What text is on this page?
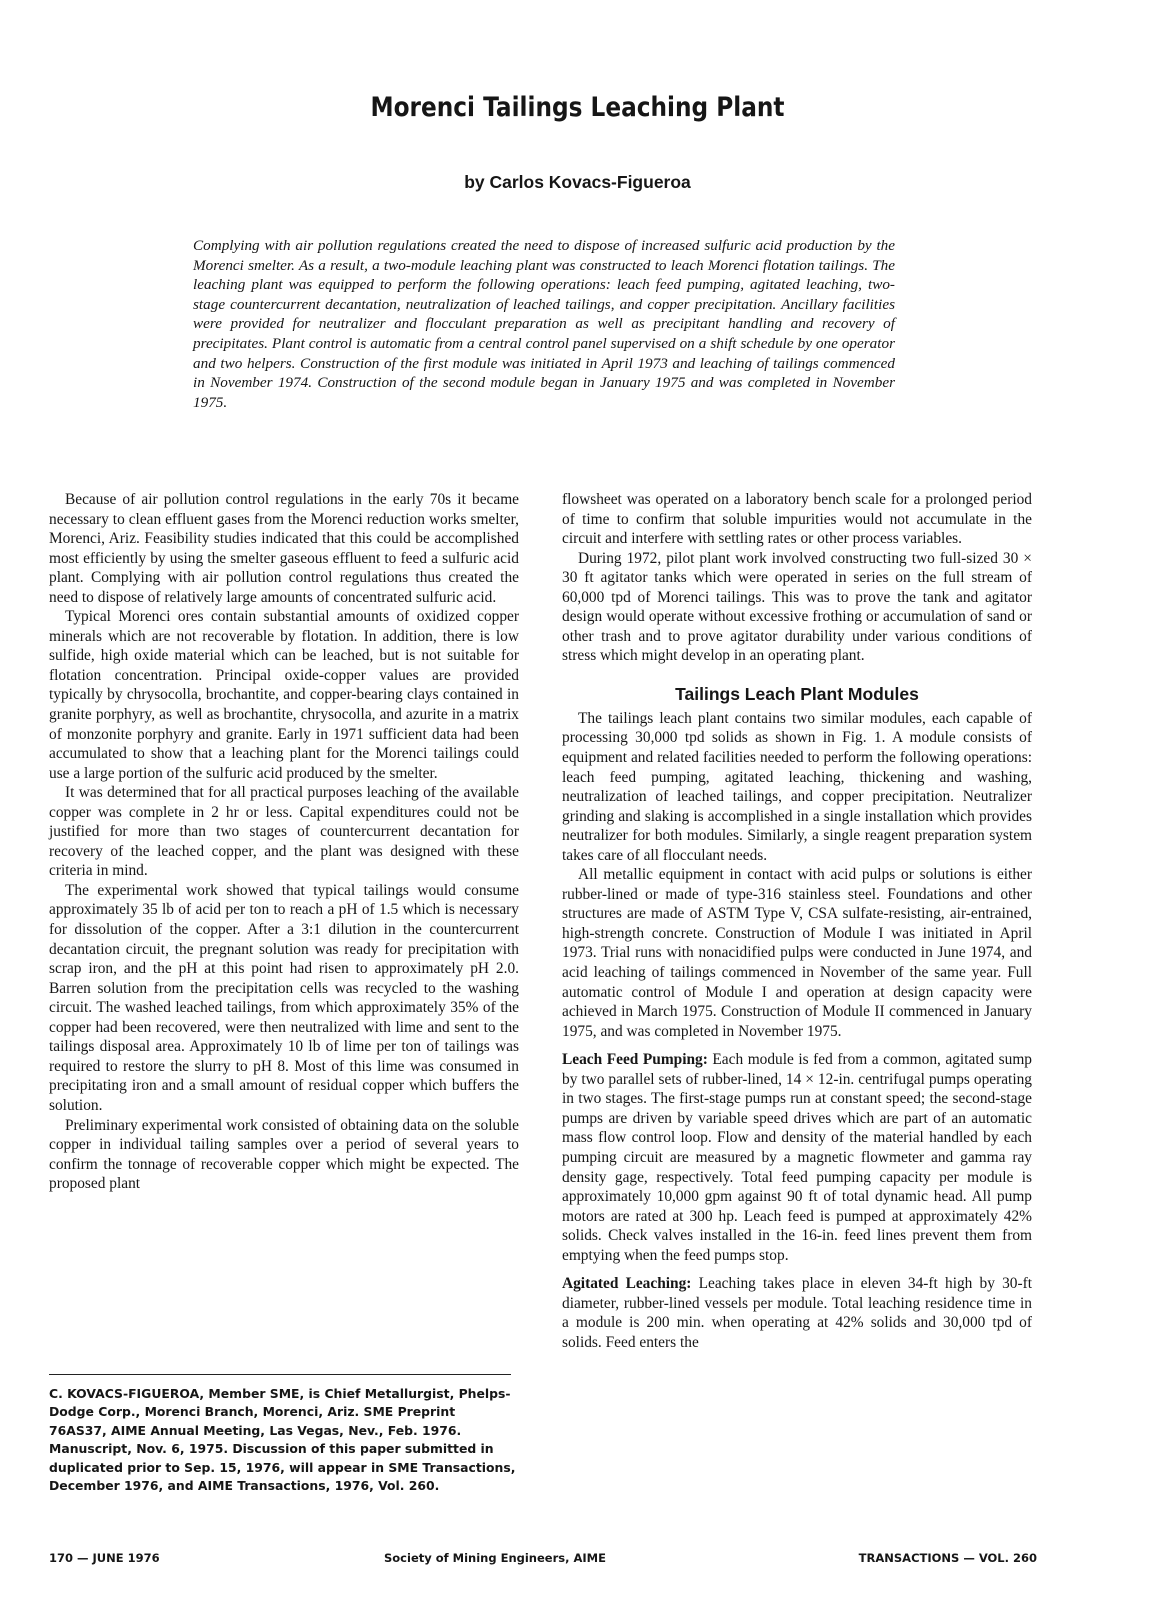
Morenci Tailings Leaching Plant
by Carlos Kovacs-Figueroa
Complying with air pollution regulations created the need to dispose of increased sulfuric acid production by the Morenci smelter. As a result, a two-module leaching plant was constructed to leach Morenci flotation tailings. The leaching plant was equipped to perform the following operations: leach feed pumping, agitated leaching, two-stage countercurrent decantation, neutralization of leached tailings, and copper precipitation. Ancillary facilities were provided for neutralizer and flocculant preparation as well as precipitant handling and recovery of precipitates. Plant control is automatic from a central control panel supervised on a shift schedule by one operator and two helpers. Construction of the first module was initiated in April 1973 and leaching of tailings commenced in November 1974. Construction of the second module began in January 1975 and was completed in November 1975.

Because of air pollution control regulations in the early 70s it became necessary to clean effluent gases from the Morenci reduction works smelter, Morenci, Ariz. Feasibility studies indicated that this could be accomplished most efficiently by using the smelter gaseous effluent to feed a sulfuric acid plant. Complying with air pollution control regulations thus created the need to dispose of relatively large amounts of concentrated sulfuric acid.

Typical Morenci ores contain substantial amounts of oxidized copper minerals which are not recoverable by flotation. In addition, there is low sulfide, high oxide material which can be leached, but is not suitable for flotation concentration. Principal oxide-copper values are provided typically by chrysocolla, brochantite, and copper-bearing clays contained in granite porphyry, as well as brochantite, chrysocolla, and azurite in a matrix of monzonite porphyry and granite. Early in 1971 sufficient data had been accumulated to show that a leaching plant for the Morenci tailings could use a large portion of the sulfuric acid produced by the smelter.

It was determined that for all practical purposes leaching of the available copper was complete in 2 hr or less. Capital expenditures could not be justified for more than two stages of countercurrent decantation for recovery of the leached copper, and the plant was designed with these criteria in mind.

The experimental work showed that typical tailings would consume approximately 35 lb of acid per ton to reach a pH of 1.5 which is necessary for dissolution of the copper. After a 3:1 dilution in the countercurrent decantation circuit, the pregnant solution was ready for precipitation with scrap iron, and the pH at this point had risen to approximately pH 2.0. Barren solution from the precipitation cells was recycled to the washing circuit. The washed leached tailings, from which approximately 35% of the copper had been recovered, were then neutralized with lime and sent to the tailings disposal area. Approximately 10 lb of lime per ton of tailings was required to restore the slurry to pH 8. Most of this lime was consumed in precipitating iron and a small amount of residual copper which buffers the solution.

Preliminary experimental work consisted of obtaining data on the soluble copper in individual tailing samples over a period of several years to confirm the tonnage of recoverable copper which might be expected. The proposed plant

flowsheet was operated on a laboratory bench scale for a prolonged period of time to confirm that soluble impurities would not accumulate in the circuit and interfere with settling rates or other process variables.

During 1972, pilot plant work involved constructing two full-sized 30 × 30 ft agitator tanks which were operated in series on the full stream of 60,000 tpd of Morenci tailings. This was to prove the tank and agitator design would operate without excessive frothing or accumulation of sand or other trash and to prove agitator durability under various conditions of stress which might develop in an operating plant.

Tailings Leach Plant Modules

The tailings leach plant contains two similar modules, each capable of processing 30,000 tpd solids as shown in Fig. 1. A module consists of equipment and related facilities needed to perform the following operations: leach feed pumping, agitated leaching, thickening and washing, neutralization of leached tailings, and copper precipitation. Neutralizer grinding and slaking is accomplished in a single installation which provides neutralizer for both modules. Similarly, a single reagent preparation system takes care of all flocculant needs.

All metallic equipment in contact with acid pulps or solutions is either rubber-lined or made of type-316 stainless steel. Foundations and other structures are made of ASTM Type V, CSA sulfate-resisting, air-entrained, high-strength concrete. Construction of Module I was initiated in April 1973. Trial runs with nonacidified pulps were conducted in June 1974, and acid leaching of tailings commenced in November of the same year. Full automatic control of Module I and operation at design capacity were achieved in March 1975. Construction of Module II commenced in January 1975, and was completed in November 1975.

Leach Feed Pumping: Each module is fed from a common, agitated sump by two parallel sets of rubber-lined, 14 × 12-in. centrifugal pumps operating in two stages. The first-stage pumps run at constant speed; the second-stage pumps are driven by variable speed drives which are part of an automatic mass flow control loop. Flow and density of the material handled by each pumping circuit are measured by a magnetic flowmeter and gamma ray density gage, respectively. Total feed pumping capacity per module is approximately 10,000 gpm against 90 ft of total dynamic head. All pump motors are rated at 300 hp. Leach feed is pumped at approximately 42% solids. Check valves installed in the 16-in. feed lines prevent them from emptying when the feed pumps stop.

Agitated Leaching: Leaching takes place in eleven 34-ft high by 30-ft diameter, rubber-lined vessels per module. Total leaching residence time in a module is 200 min. when operating at 42% solids and 30,000 tpd of solids. Feed enters the

C. KOVACS-FIGUEROA, Member SME, is Chief Metallurgist, Phelps-Dodge Corp., Morenci Branch, Morenci, Ariz. SME Preprint 76AS37, AIME Annual Meeting, Las Vegas, Nev., Feb. 1976. Manuscript, Nov. 6, 1975. Discussion of this paper submitted in duplicated prior to Sep. 15, 1976, will appear in SME Transactions, December 1976, and AIME Transactions, 1976, Vol. 260.
170 — JUNE 1976	Society of Mining Engineers, AIME	TRANSACTIONS — VOL. 260
